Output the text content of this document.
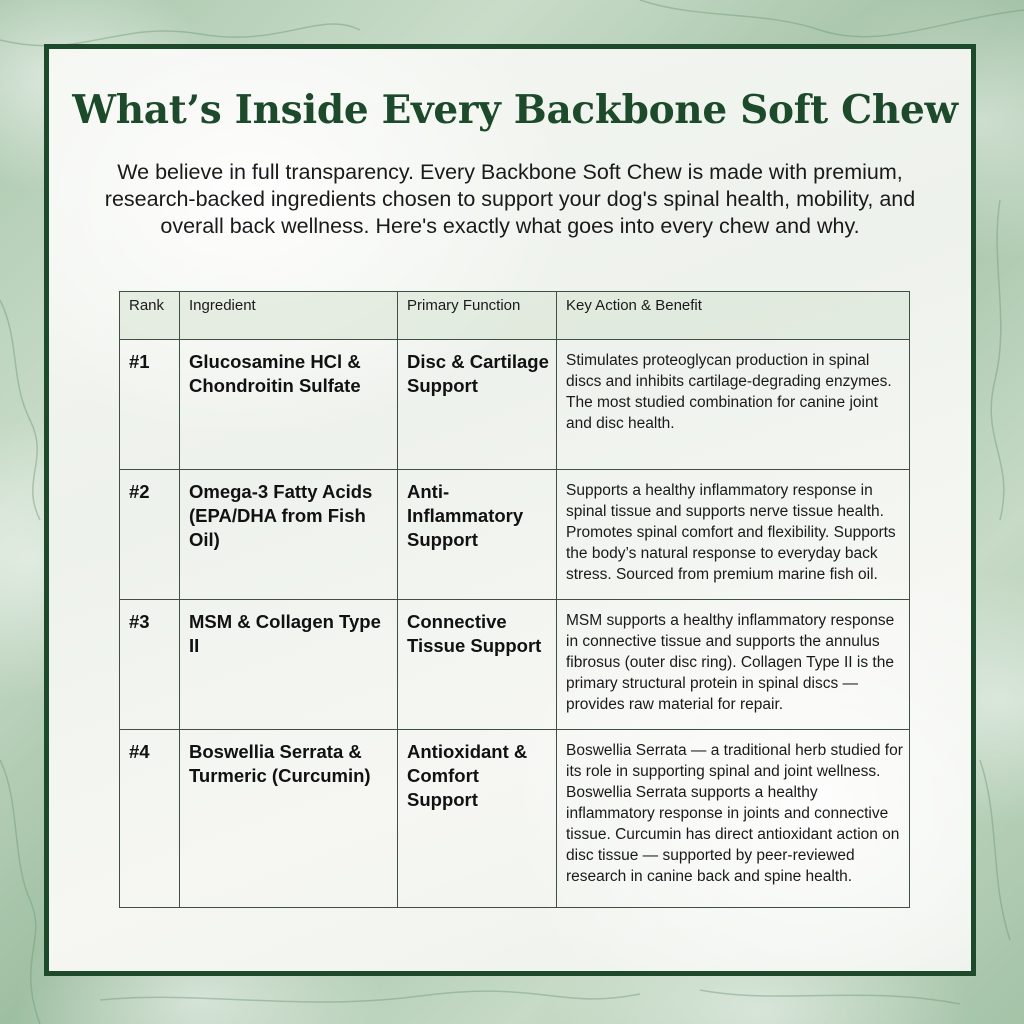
What’s Inside Every Backbone Soft Chew

We believe in full transparency. Every Backbone Soft Chew is made with premium, research-backed ingredients chosen to support your dog's spinal health, mobility, and overall back wellness. Here's exactly what goes into every chew and why.

Rank	Ingredient	Primary Function	Key Action & Benefit
#1	Glucosamine HCl & Chondroitin Sulfate	Disc & Cartilage Support	Stimulates proteoglycan production in spinal discs and inhibits cartilage-degrading enzymes. The most studied combination for canine joint and disc health.
#2	Omega-3 Fatty Acids (EPA/DHA from Fish Oil)	Anti-Inflammatory Support	Supports a healthy inflammatory response in spinal tissue and supports nerve tissue health. Promotes spinal comfort and flexibility. Supports the body’s natural response to everyday back stress. Sourced from premium marine fish oil.
#3	MSM & Collagen Type II	Connective Tissue Support	MSM supports a healthy inflammatory response in connective tissue and supports the annulus fibrosus (outer disc ring). Collagen Type II is the primary structural protein in spinal discs — provides raw material for repair.
#4	Boswellia Serrata & Turmeric (Curcumin)	Antioxidant & Comfort Support	Boswellia Serrata — a traditional herb studied for its role in supporting spinal and joint wellness. Boswellia Serrata supports a healthy inflammatory response in joints and connective tissue. Curcumin has direct antioxidant action on disc tissue — supported by peer-reviewed research in canine back and spine health.
